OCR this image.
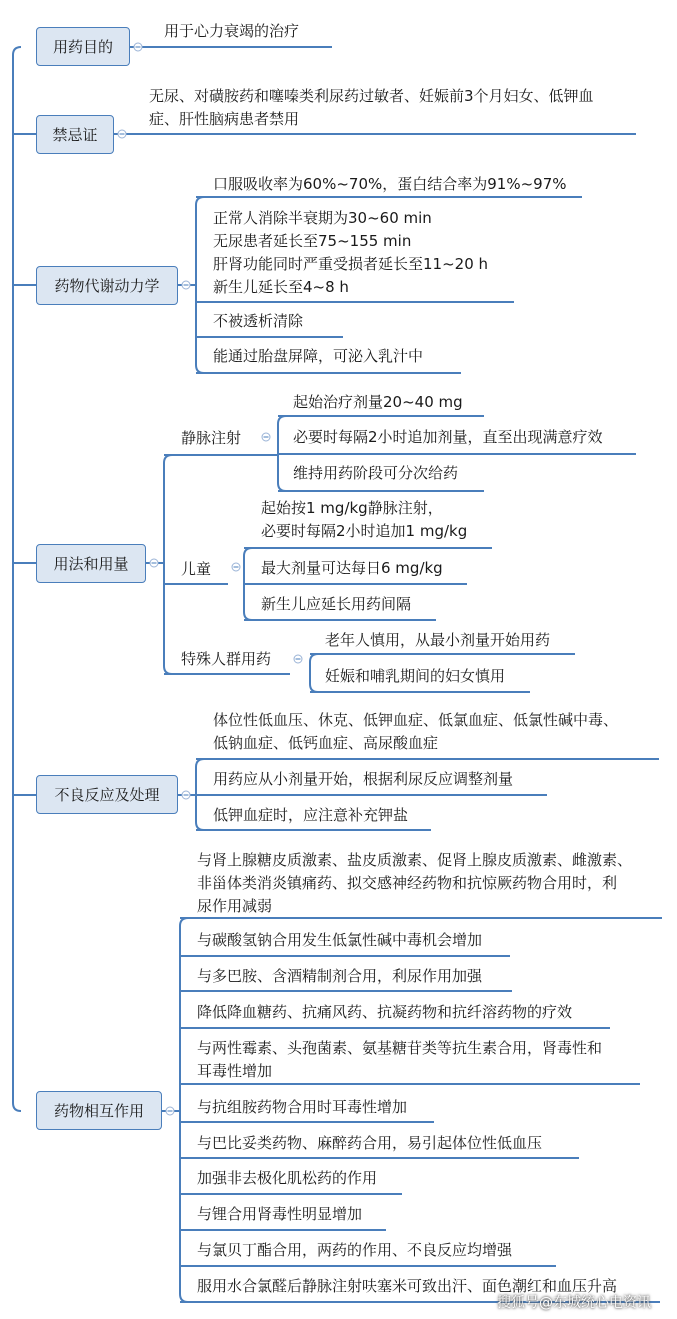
用药目的
禁忌证
药物代谢动力学
用法和用量
不良反应及处理
药物相互作用
静脉注射
儿童
特殊人群用药
用于心力衰竭的治疗
无尿、对磺胺药和噻嗪类利尿药过敏者、妊娠前3个月妇女、低钾血
症、肝性脑病患者禁用
口服吸收率为60%~70%，蛋白结合率为91%~97%
正常人消除半衰期为30~60 min
无尿患者延长至75~155 min
肝肾功能同时严重受损者延长至11~20 h
新生儿延长至4~8 h
不被透析清除
能通过胎盘屏障，可泌入乳汁中
起始治疗剂量20~40 mg
必要时每隔2小时追加剂量，直至出现满意疗效
维持用药阶段可分次给药
起始按1 mg/kg静脉注射，
必要时每隔2小时追加1 mg/kg
最大剂量可达每日6 mg/kg
新生儿应延长用药间隔
老年人慎用，从最小剂量开始用药
妊娠和哺乳期间的妇女慎用
体位性低血压、休克、低钾血症、低氯血症、低氯性碱中毒、
低钠血症、低钙血症、高尿酸血症
用药应从小剂量开始，根据利尿反应调整剂量
低钾血症时，应注意补充钾盐
与肾上腺糖皮质激素、盐皮质激素、促肾上腺皮质激素、雌激素、
非甾体类消炎镇痛药、拟交感神经药物和抗惊厥药物合用时，利
尿作用减弱
与碳酸氢钠合用发生低氯性碱中毒机会增加
与多巴胺、含酒精制剂合用，利尿作用加强
降低降血糖药、抗痛风药、抗凝药物和抗纤溶药物的疗效
与两性霉素、头孢菌素、氨基糖苷类等抗生素合用，肾毒性和
耳毒性增加
与抗组胺药物合用时耳毒性增加
与巴比妥类药物、麻醉药合用，易引起体位性低血压
加强非去极化肌松药的作用
与锂合用肾毒性明显增加
与氯贝丁酯合用，两药的作用、不良反应均增强
服用水合氯醛后静脉注射呋塞米可致出汗、面色潮红和血压升高
搜狐号@东城统心电资讯
